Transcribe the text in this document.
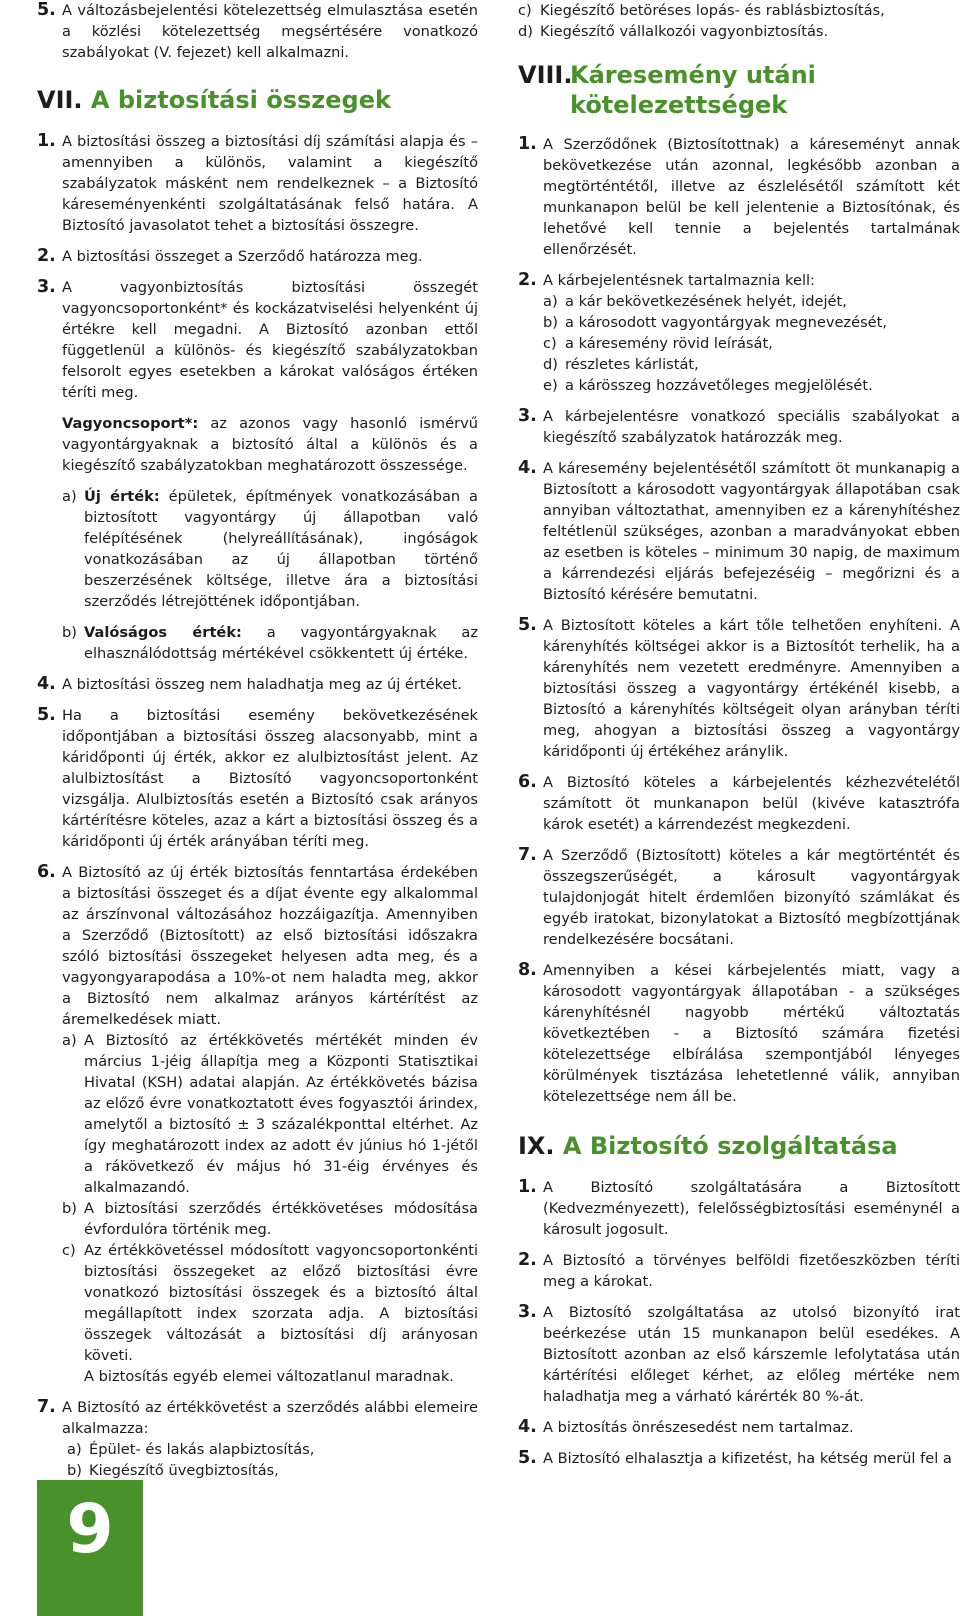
5. A változásbejelentési kötelezettség elmulasztása esetén a közlési kötelezettség megsértésére vonatkozó szabályokat (V. fejezet) kell alkalmazni.
VII. A biztosítási összegek
1. A biztosítási összeg a biztosítási díj számítási alapja és – amennyiben a különös, valamint a kiegészítő szabályzatok másként nem rendelkeznek – a Biztosító káreseményenkénti szolgáltatásának felső határa. A Biztosító javasolatot tehet a biztosítási összegre.
2. A biztosítási összeget a Szerződő határozza meg.
3. A vagyonbiztosítás biztosítási összegét vagyoncsoportonként* és kockázatviselési helyenként új értékre kell megadni. A Biztosító azonban ettől függetlenül a különös- és kiegészítő szabályzatokban felsorolt egyes esetekben a károkat valóságos értéken téríti meg.
Vagyoncsoport*: az azonos vagy hasonló ismérvű vagyontárgyaknak a biztosító által a különös és a kiegészítő szabályzatokban meghatározott összessége.
a) Új érték: épületek, építmények vonatkozásában a biztosított vagyontárgy új állapotban való felépítésének (helyreállításának), ingóságok vonatkozásában az új állapotban történő beszerzésének költsége, illetve ára a biztosítási szerződés létrejöttének időpontjában.
b) Valóságos érték: a vagyontárgyaknak az elhasználódottság mértékével csökkentett új értéke.
4. A biztosítási összeg nem haladhatja meg az új értéket.
5. Ha a biztosítási esemény bekövetkezésének időpontjában a biztosítási összeg alacsonyabb, mint a káridőponti új érték, akkor ez alulbiztosítást jelent. Az alulbiztosítást a Biztosító vagyoncsoportonként vizsgálja. Alulbiztosítás esetén a Biztosító csak arányos kártérítésre köteles, azaz a kárt a biztosítási összeg és a káridőponti új érték arányában téríti meg.
6. A Biztosító az új érték biztosítás fenntartása érdekében a biztosítási összeget és a díjat évente egy alkalommal az árszínvonal változásához hozzáigazítja. Amennyiben a Szerződő (Biztosított) az első biztosítási időszakra szóló biztosítási összegeket helyesen adta meg, és a vagyongyarapodása a 10%-ot nem haladta meg, akkor a Biztosító nem alkalmaz arányos kártérítést az áremelkedések miatt.
a) A Biztosító az értékkövetés mértékét minden év március 1-jéig állapítja meg a Központi Statisztikai Hivatal (KSH) adatai alapján. Az értékkövetés bázisa az előző évre vonatkoztatott éves fogyasztói árindex, amelytől a biztosító ± 3 százalékponttal eltérhet. Az így meghatározott index az adott év június hó 1-jétől a rákövetkező év május hó 31-éig érvényes és alkalmazandó.
b) A biztosítási szerződés értékkövetéses módosítása évfordulóra történik meg.
c) Az értékkövetéssel módosított vagyoncsoportonkénti biztosítási összegeket az előző biztosítási évre vonatkozó biztosítási összegek és a biztosító által megállapított index szorzata adja. A biztosítási összegek változását a biztosítási díj arányosan követi.
A biztosítás egyéb elemei változatlanul maradnak.
7. A Biztosító az értékkövetést a szerződés alábbi elemeire alkalmazza:
a) Épület- és lakás alapbiztosítás,
b) Kiegészítő üvegbiztosítás,
c) Kiegészítő betöréses lopás- és rablásbiztosítás,
d) Kiegészítő vállalkozói vagyonbiztosítás.
VIII.
Káresemény utáni
kötelezettségek
1. A Szerződőnek (Biztosítottnak) a káreseményt annak bekövetkezése után azonnal, legkésőbb azonban a megtörténtétől, illetve az észlelésétől számított két munkanapon belül be kell jelentenie a Biztosítónak, és lehetővé kell tennie a bejelentés tartalmának ellenőrzését.
2. A kárbejelentésnek tartalmaznia kell:
a) a kár bekövetkezésének helyét, idejét,
b) a károsodott vagyontárgyak megnevezését,
c) a káresemény rövid leírását,
d) részletes kárlistát,
e) a kárösszeg hozzávetőleges megjelölését.
3. A kárbejelentésre vonatkozó speciális szabályokat a kiegészítő szabályzatok határozzák meg.
4. A káresemény bejelentésétől számított öt munkanapig a Biztosított a károsodott vagyontárgyak állapotában csak annyiban változtathat, amennyiben ez a kárenyhítéshez feltétlenül szükséges, azonban a maradványokat ebben az esetben is köteles – minimum 30 napig, de maximum a kárrendezési eljárás befejezéséig – megőrizni és a Biztosító kérésére bemutatni.
5. A Biztosított köteles a kárt tőle telhetően enyhíteni. A kárenyhítés költségei akkor is a Biztosítót terhelik, ha a kárenyhítés nem vezetett eredményre. Amennyiben a biztosítási összeg a vagyontárgy értékénél kisebb, a Biztosító a kárenyhítés költségeit olyan arányban téríti meg, ahogyan a biztosítási összeg a vagyontárgy káridőponti új értékéhez aránylik.
6. A Biztosító köteles a kárbejelentés kézhezvételétől számított öt munkanapon belül (kivéve katasztrófa károk esetét) a kárrendezést megkezdeni.
7. A Szerződő (Biztosított) köteles a kár megtörténtét és összegszerűségét, a károsult vagyontárgyak tulajdonjogát hitelt érdemlően bizonyító számlákat és egyéb iratokat, bizonylatokat a Biztosító megbízottjának rendelkezésére bocsátani.
8. Amennyiben a kései kárbejelentés miatt, vagy a károsodott vagyontárgyak állapotában - a szükséges kárenyhítésnél nagyobb mértékű változtatás következtében - a Biztosító számára fizetési kötelezettsége elbírálása szempontjából lényeges körülmények tisztázása lehetetlenné válik, annyiban kötelezettsége nem áll be.
IX. A Biztosító szolgáltatása
1. A Biztosító szolgáltatására a Biztosított (Kedvezményezett), felelősségbiztosítási eseménynél a károsult jogosult.
2. A Biztosító a törvényes belföldi fizetőeszközben téríti meg a károkat.
3. A Biztosító szolgáltatása az utolsó bizonyító irat beérkezése után 15 munkanapon belül esedékes. A Biztosított azonban az első kárszemle lefolytatása után kártérítési előleget kérhet, az előleg mértéke nem haladhatja meg a várható kárérték 80 %-át.
4. A biztosítás önrészesedést nem tartalmaz.
5. A Biztosító elhalasztja a kifizetést, ha kétség merül fel a
9
